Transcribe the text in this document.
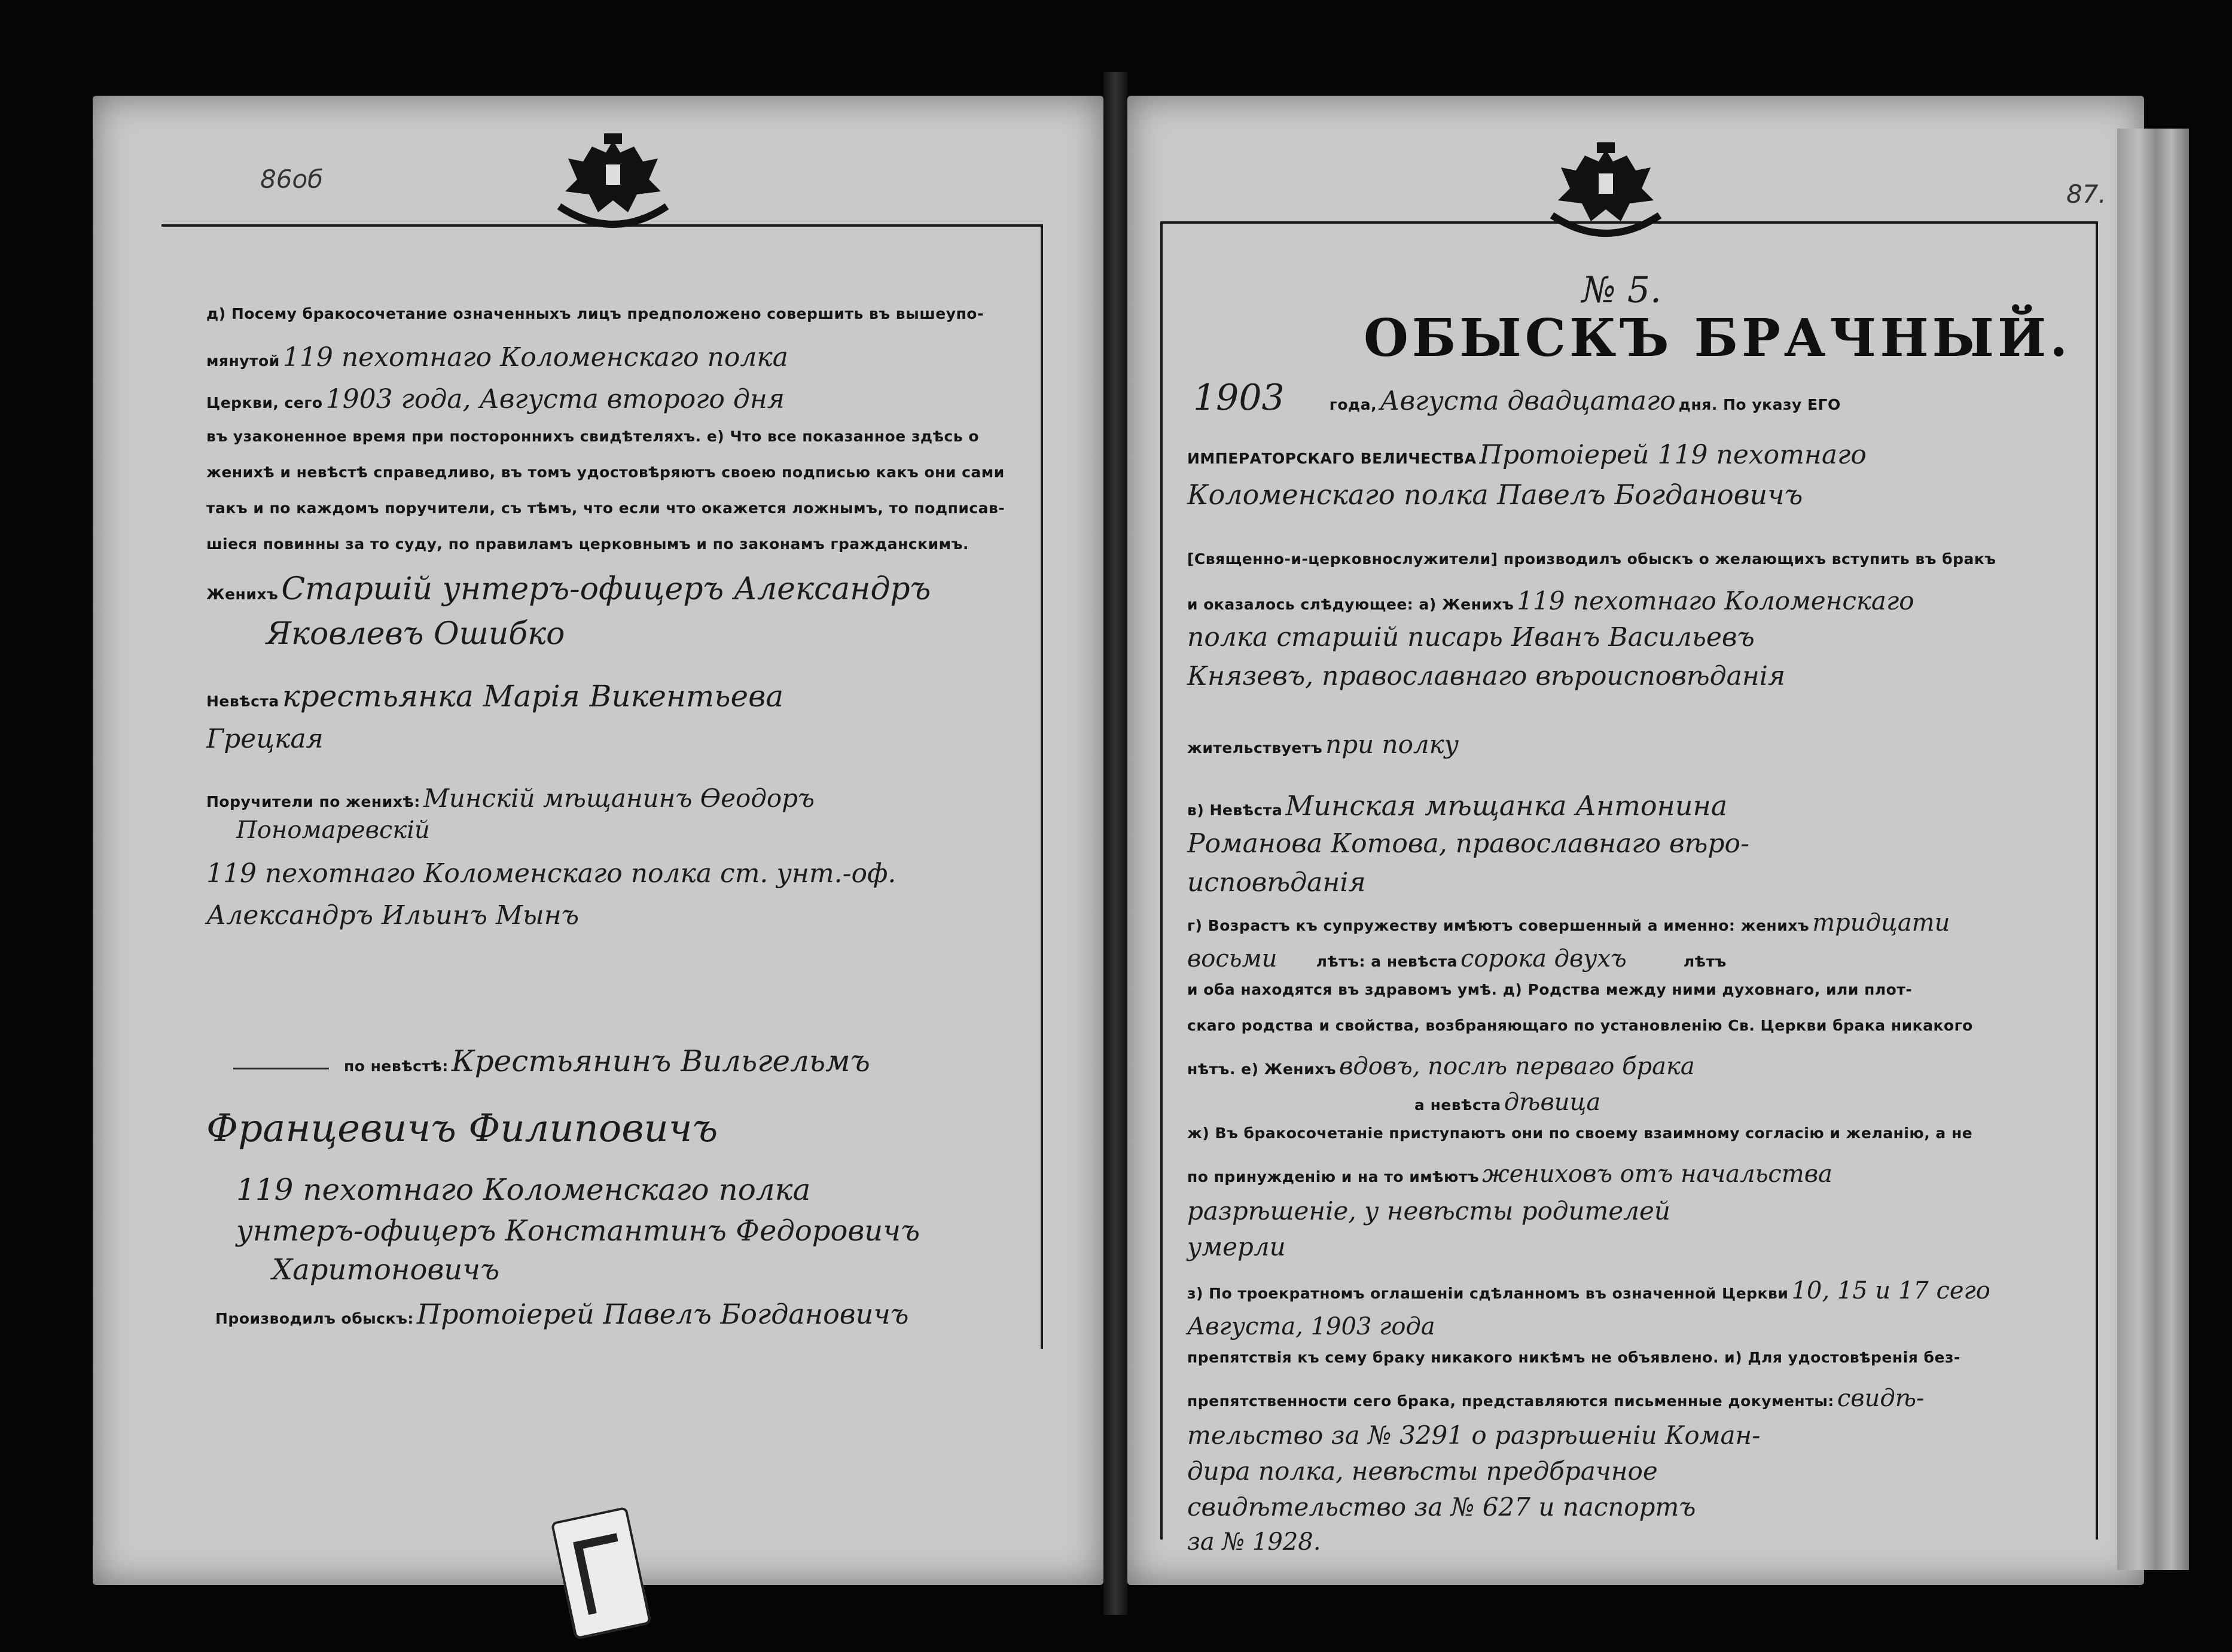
86об
д) Посему бракосочетание означенныхъ лицъ предположено совершить въ вышеупо-
мянутой 119 пехотнаго Коломенскаго полка
Церкви, сего 1903 года, Августа второго дня
въ узаконенное время при постороннихъ свидѣтеляхъ. е) Что все показанное здѣсь о
женихѣ и невѣстѣ справедливо, въ томъ удостовѣряютъ своею подписью какъ они сами
такъ и по каждомъ поручители, съ тѣмъ, что если что окажется ложнымъ, то подписав-
шіеся повинны за то суду, по правиламъ церковнымъ и по законамъ гражданскимъ.
Женихъ Старшій унтеръ-офицеръ Александръ
Яковлевъ Ошибко
Невѣста крестьянка Марія Викентьева
Грецкая
Поручители по женихѣ: Минскій мѣщанинъ Өеодоръ
Пономаревскій
119 пехотнаго Коломенскаго полка ст. унт.-оф.
Александръ Ильинъ Мынъ
по невѣстѣ: Крестьянинъ Вильгельмъ
Францевичъ Филиповичъ
119 пехотнаго Коломенскаго полка
унтеръ-офицеръ Константинъ Федоровичъ
Харитоновичъ
Производилъ обыскъ: Протоіерей Павелъ Богдановичъ
87.
№ 5.
ОБЫСКЪ БРАЧНЫЙ.
1903	года, Августа двадцатаго дня. По указу ЕГО
ИМПЕРАТОРСКАГО ВЕЛИЧЕСТВА Протоіерей 119 пехотнаго
Коломенскаго полка Павелъ Богдановичъ
[Священно-и-церковнослужители] производилъ обыскъ о желающихъ вступить въ бракъ
и оказалось слѣдующее: а) Женихъ 119 пехотнаго Коломенскаго
полка старшій писарь Иванъ Васильевъ
Князевъ, православнаго вѣроисповѣданія
жительствуетъ при полку
в) Невѣста Минская мѣщанка Антонина
Романова Котова, православнаго вѣро-
исповѣданія
г) Возрастъ къ супружеству имѣютъ совершенный а именно: женихъ тридцати
восьми	лѣтъ: а невѣста сорока двухъ	лѣтъ
и оба находятся въ здравомъ умѣ. д) Родства между ними духовнаго, или плот-
скаго родства и свойства, возбраняющаго по установленію Св. Церкви брака никакого
нѣтъ. е) Женихъ вдовъ, послѣ перваго брака
а невѣста дѣвица
ж) Въ бракосочетаніе приступаютъ они по своему взаимному согласію и желанію, а не
по принужденію и на то имѣютъ жениховъ отъ начальства
разрѣшеніе, у невѣсты родителей
умерли
з) По троекратномъ оглашеніи сдѣланномъ въ означенной Церкви 10, 15 и 17 сего
Августа, 1903 года
препятствія къ сему браку никакого никѣмъ не объявлено. и) Для удостовѣренія без-
препятственности сего брака, представляются письменные документы: свидѣ-
тельство за № 3291 о разрѣшеніи Коман-
дира полка, невѣсты предбрачное
свидѣтельство за № 627 и паспортъ
за № 1928.
